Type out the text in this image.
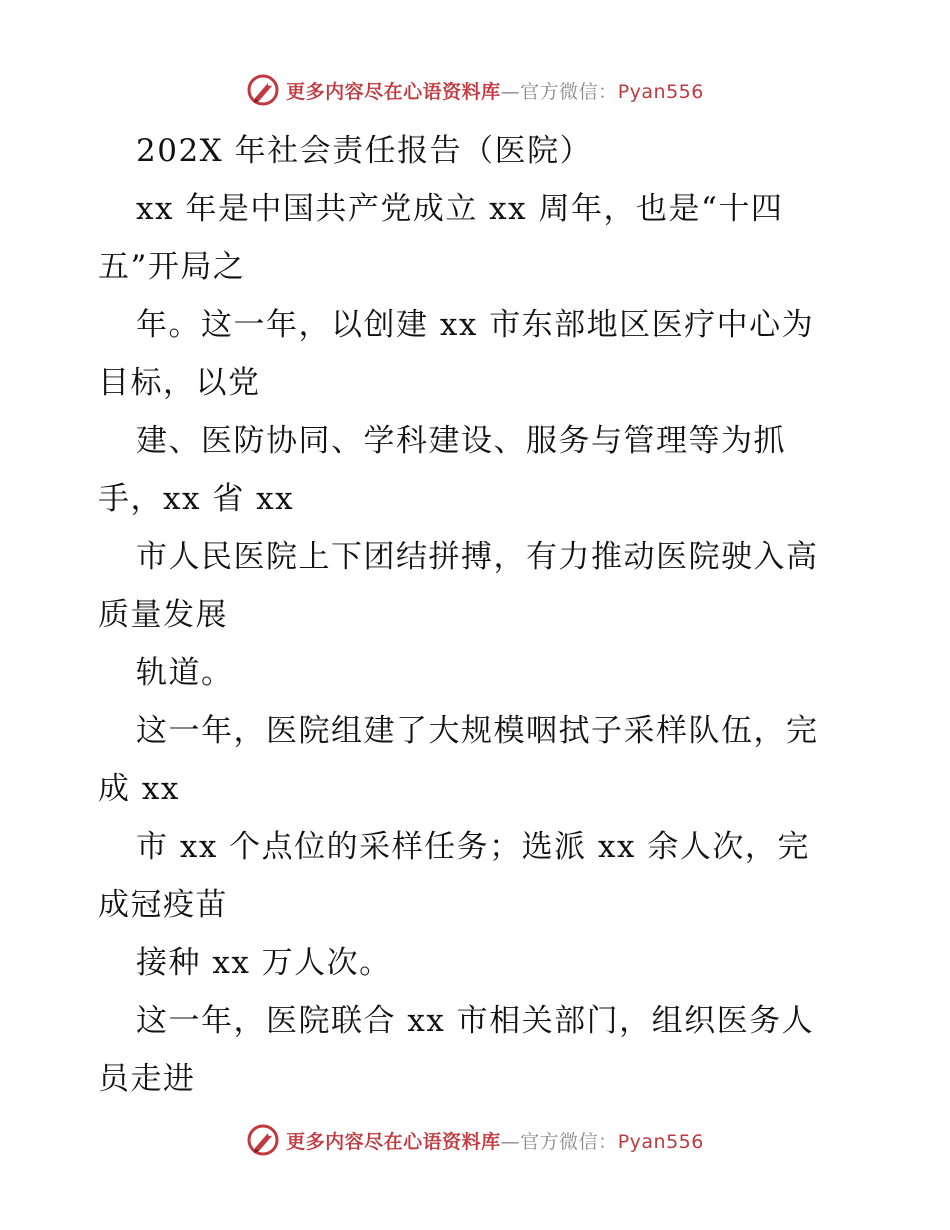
更多内容尽在心语资料库—官方微信：Pyan556
202X 年社会责任报告（医院）
xx 年是中国共产党成立 xx 周年，也是“十四
五”开局之
年。这一年，以创建 xx 市东部地区医疗中心为
目标，以党
建、医防协同、学科建设、服务与管理等为抓
手，xx 省 xx
市人民医院上下团结拼搏，有力推动医院驶入高
质量发展
轨道。
这一年，医院组建了大规模咽拭子采样队伍，完
成 xx
市 xx 个点位的采样任务；选派 xx 余人次，完
成冠疫苗
接种 xx 万人次。
这一年，医院联合 xx 市相关部门，组织医务人
员走进
更多内容尽在心语资料库—官方微信：Pyan556
